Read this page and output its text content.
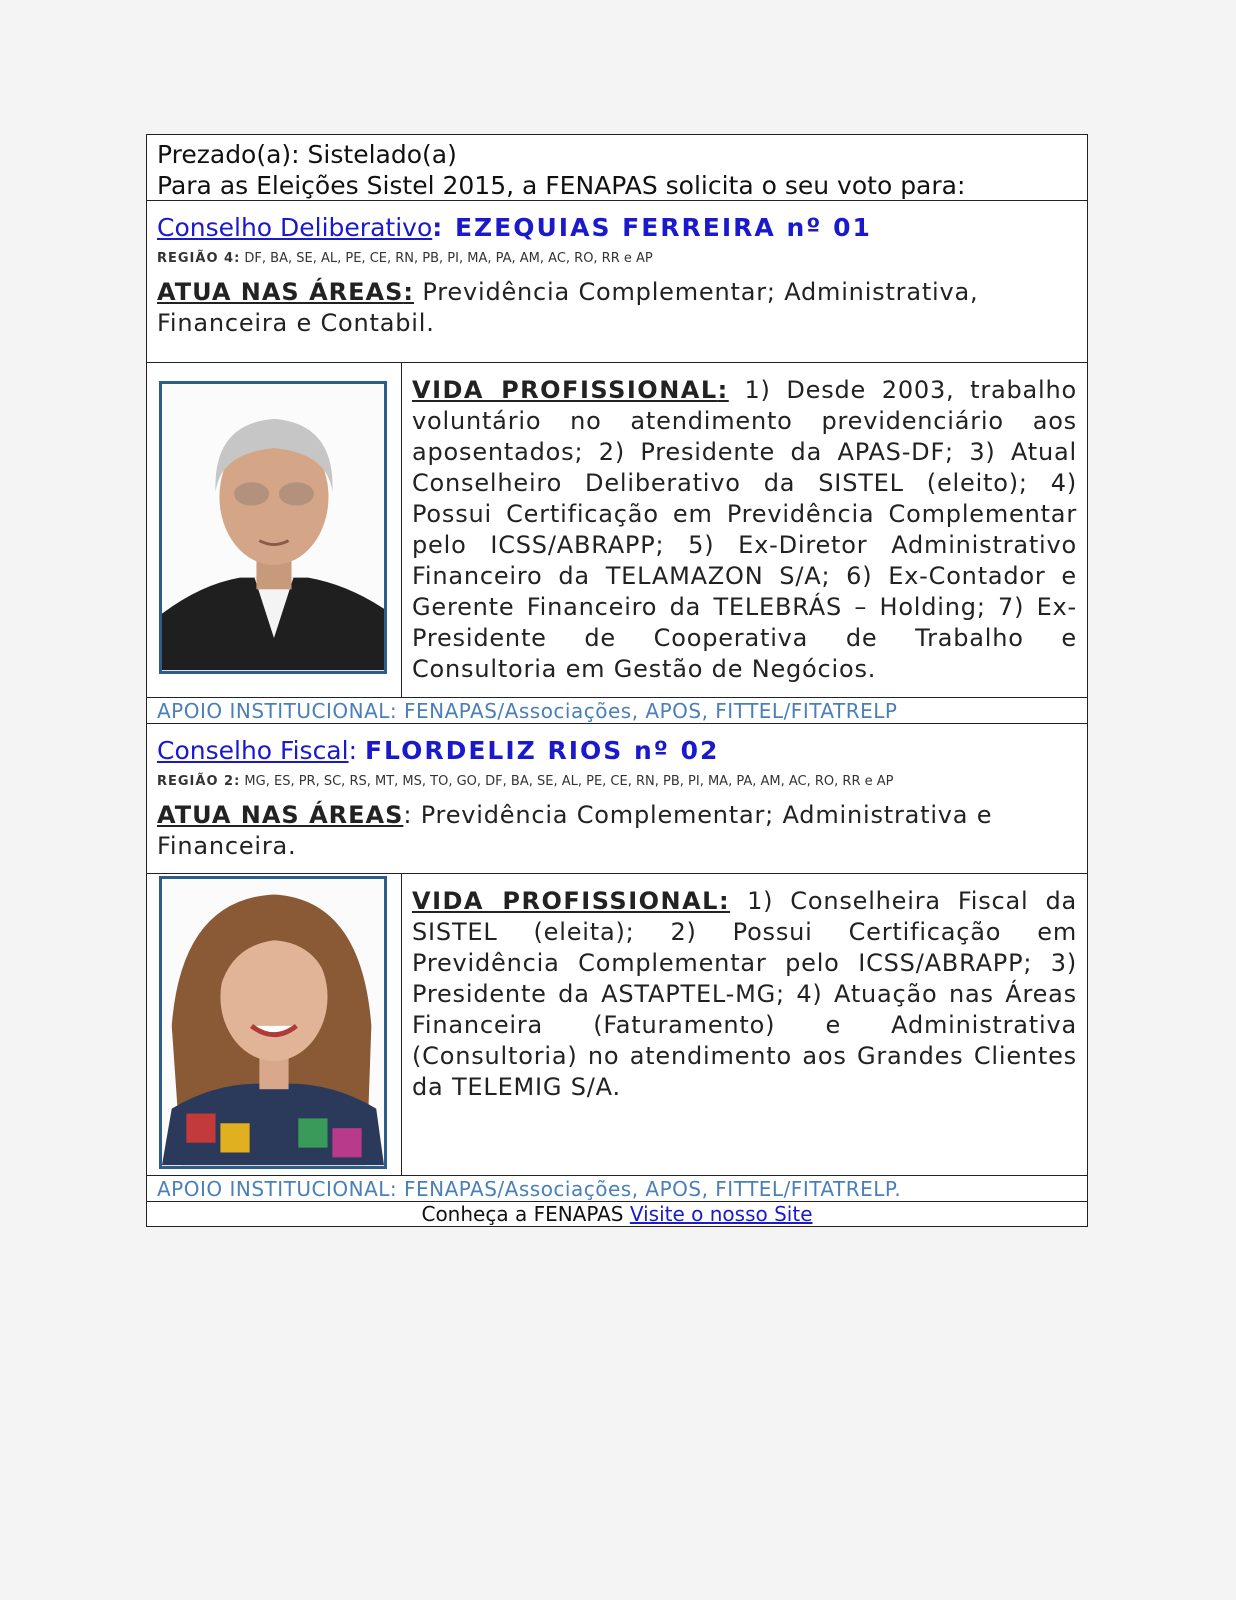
Prezado(a): Sistelado(a)
Para as Eleições Sistel 2015, a FENAPAS solicita o seu voto para:
Conselho Deliberativo: EZEQUIAS FERREIRA nº 01
REGIÃO 4: DF, BA, SE, AL, PE, CE, RN, PB, PI, MA, PA, AM, AC, RO, RR e AP
ATUA NAS ÁREAS: Previdência Complementar; Administrativa, Financeira e Contabil.
VIDA PROFISSIONAL: 1) Desde 2003, trabalho voluntário no atendimento previdenciário aos aposentados; 2) Presidente da APAS-DF; 3) Atual Conselheiro Deliberativo da SISTEL (eleito); 4) Possui Certificação em Previdência Complementar pelo ICSS/ABRAPP; 5) Ex-Diretor Administrativo Financeiro da TELAMAZON S/A; 6) Ex-Contador e Gerente Financeiro da TELEBRÁS – Holding; 7) Ex-Presidente de Cooperativa de Trabalho e Consultoria em Gestão de Negócios.
APOIO INSTITUCIONAL: FENAPAS/Associações, APOS, FITTEL/FITATRELP
Conselho Fiscal: FLORDELIZ RIOS nº 02
REGIÃO 2: MG, ES, PR, SC, RS, MT, MS, TO, GO, DF, BA, SE, AL, PE, CE, RN, PB, PI, MA, PA, AM, AC, RO, RR e AP
ATUA NAS ÁREAS: Previdência Complementar; Administrativa e Financeira.
VIDA PROFISSIONAL: 1) Conselheira Fiscal da SISTEL (eleita); 2) Possui Certificação em Previdência Complementar pelo ICSS/ABRAPP; 3) Presidente da ASTAPTEL-MG; 4) Atuação nas Áreas Financeira (Faturamento) e Administrativa (Consultoria) no atendimento aos Grandes Clientes da TELEMIG S/A.
APOIO INSTITUCIONAL: FENAPAS/Associações, APOS, FITTEL/FITATRELP.
Conheça a FENAPAS Visite o nosso Site
